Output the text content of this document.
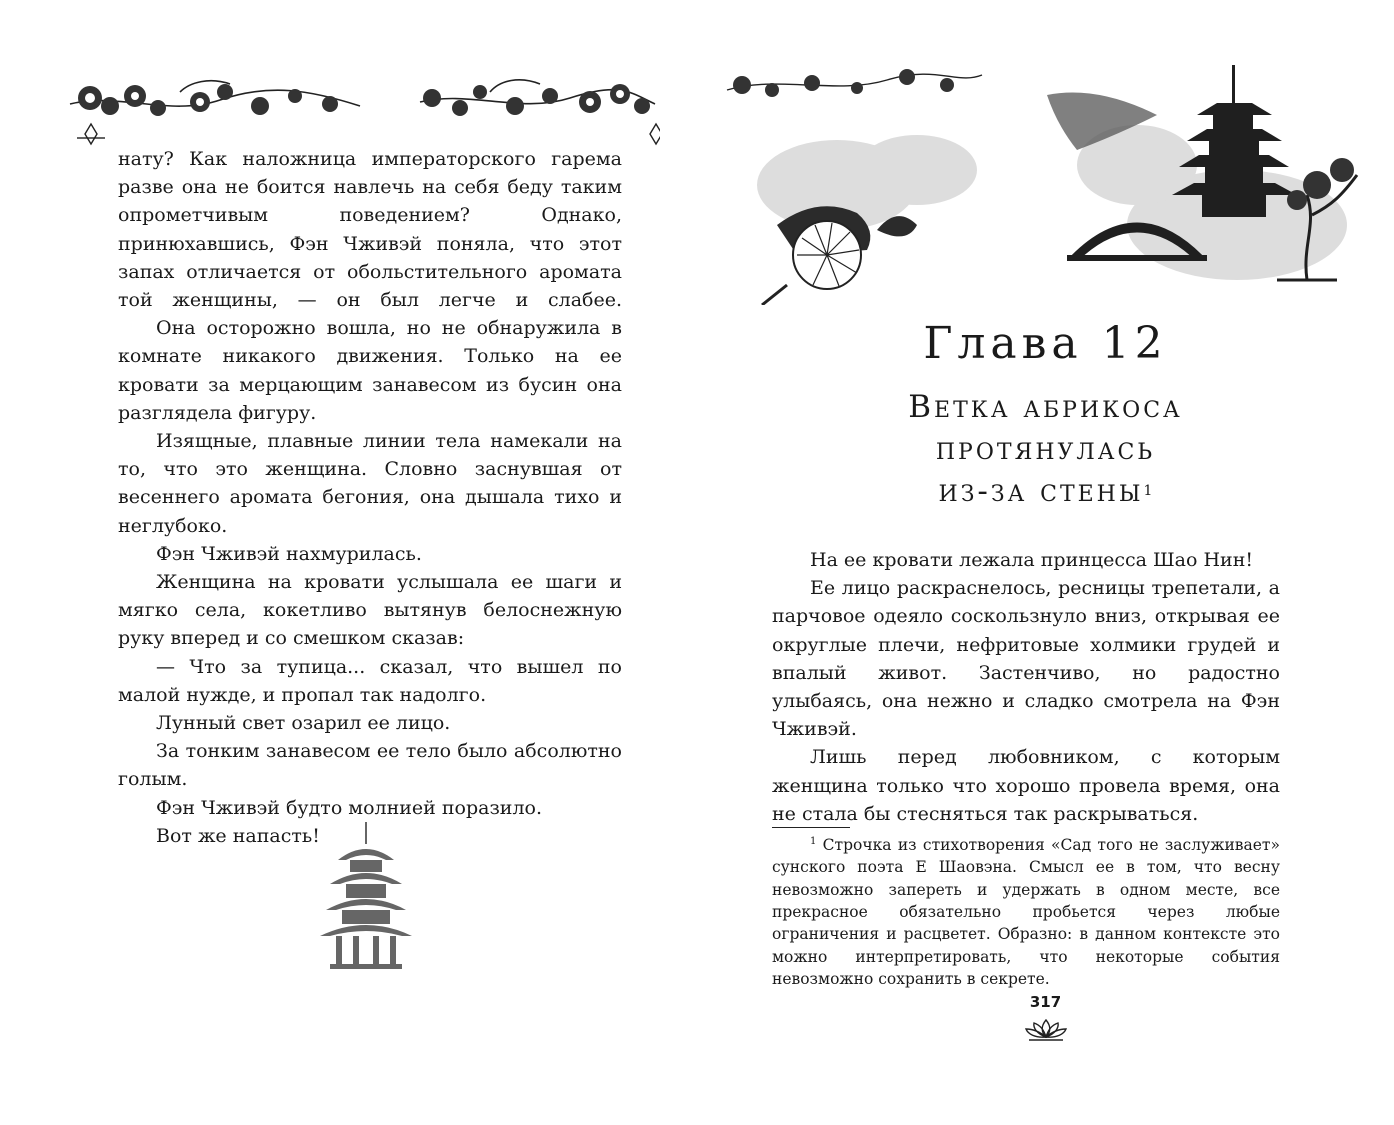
нату? Как наложница императорского гарема разве она не боится навлечь на себя беду таким опрометчивым поведением? Однако, принюхавшись, Фэн Чживэй поняла, что этот запах отличается от обольстительного аромата той женщины, — он был легче и слабее.

Она осторожно вошла, но не обнаружила в комнате никакого движения. Только на ее кровати за мерцающим занавесом из бусин она разглядела фигуру.

Изящные, плавные линии тела намекали на то, что это женщина. Словно заснувшая от весеннего аромата бегония, она дышала тихо и неглубоко.

Фэн Чживэй нахмурилась.

Женщина на кровати услышала ее шаги и мягко села, кокетливо вытянув белоснежную руку вперед и со смешком сказав:

— Что за тупица... сказал, что вышел по малой нужде, и пропал так надолго.

Лунный свет озарил ее лицо.

За тонким занавесом ее тело было абсолютно голым.

Фэн Чживэй будто молнией поразило.

Вот же напасть!

Глава 12
Ветка абрикоса
протянулась
из-за стены$^1$

На ее кровати лежала принцесса Шао Нин!

Ее лицо раскраснелось, ресницы трепетали, а парчовое одеяло соскользнуло вниз, открывая ее округлые плечи, нефритовые холмики грудей и впалый живот. Застенчиво, но радостно улыбаясь, она нежно и сладко смотрела на Фэн Чживэй.

Лишь перед любовником, с которым женщина только что хорошо провела время, она не стала бы стесняться так раскрываться.

$^1$ Строчка из стихотворения «Сад того не заслуживает» сунского поэта Е Шаовэна. Смысл ее в том, что весну невозможно запереть и удержать в одном месте, все прекрасное обязательно пробьется через любые ограничения и расцветет. Образно: в данном контексте это можно интерпретировать, что некоторые события невозможно сохранить в секрете.
317
